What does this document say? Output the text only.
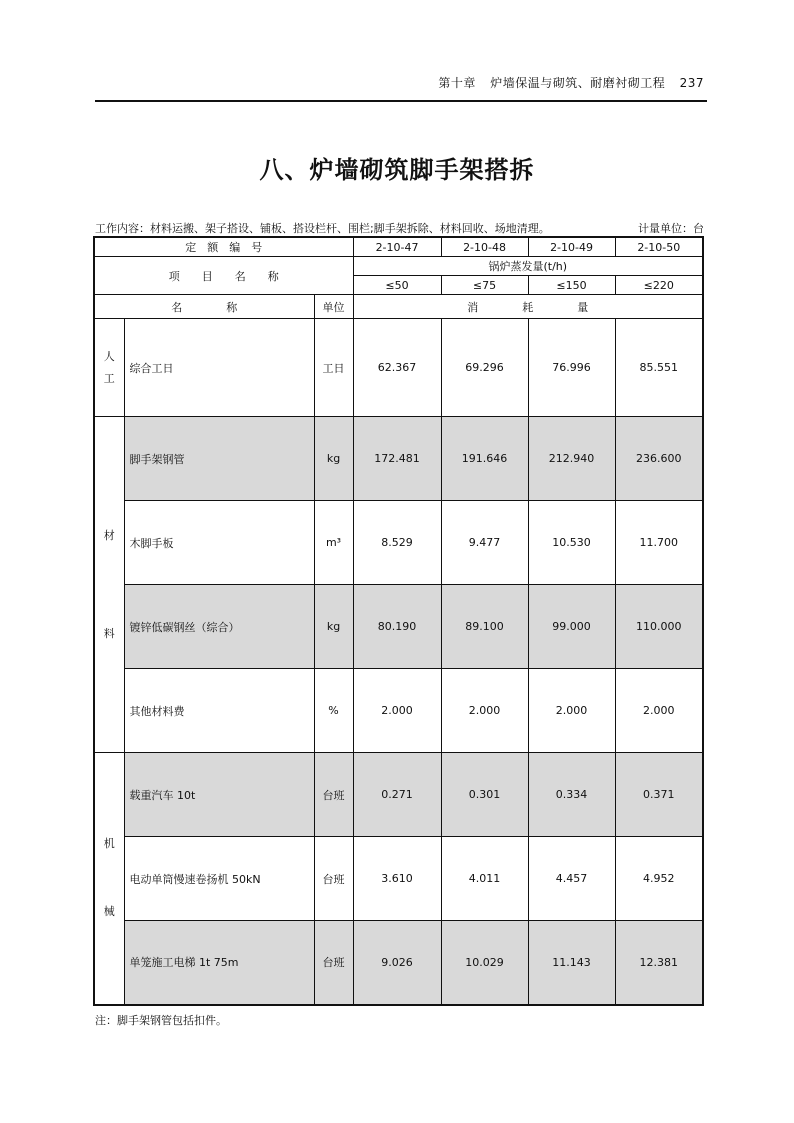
第十章 炉墙保温与砌筑、耐磨衬砌工程 237
八、炉墙砌筑脚手架搭拆
工作内容：材料运搬、架子搭设、铺板、搭设栏杆、围栏;脚手架拆除、材料回收、场地清理。	计量单位：台
定　额　编　号			2-10-47	2-10-48	2-10-49	2-10-50
项　　目　　名　　称			锅炉蒸发量(t/h)			
			≤50	≤75	≤150	≤220
名　　　　称		单位	消　　　　耗　　　　量			

人
工	综合工日	工日	62.367	69.296	76.996	85.551

材
料	脚手架钢管	kg	172.481	191.646	212.940	236.600
	木脚手板	m³	8.529	9.477	10.530	11.700
	镀锌低碳钢丝（综合）	kg	80.190	89.100	99.000	110.000
	其他材料费	%	2.000	2.000	2.000	2.000

机
械	载重汽车 10t	台班	0.271	0.301	0.334	0.371
	电动单筒慢速卷扬机 50kN	台班	3.610	4.011	4.457	4.952
	单笼施工电梯 1t 75m	台班	9.026	10.029	11.143	12.381
注：脚手架钢管包括扣件。
